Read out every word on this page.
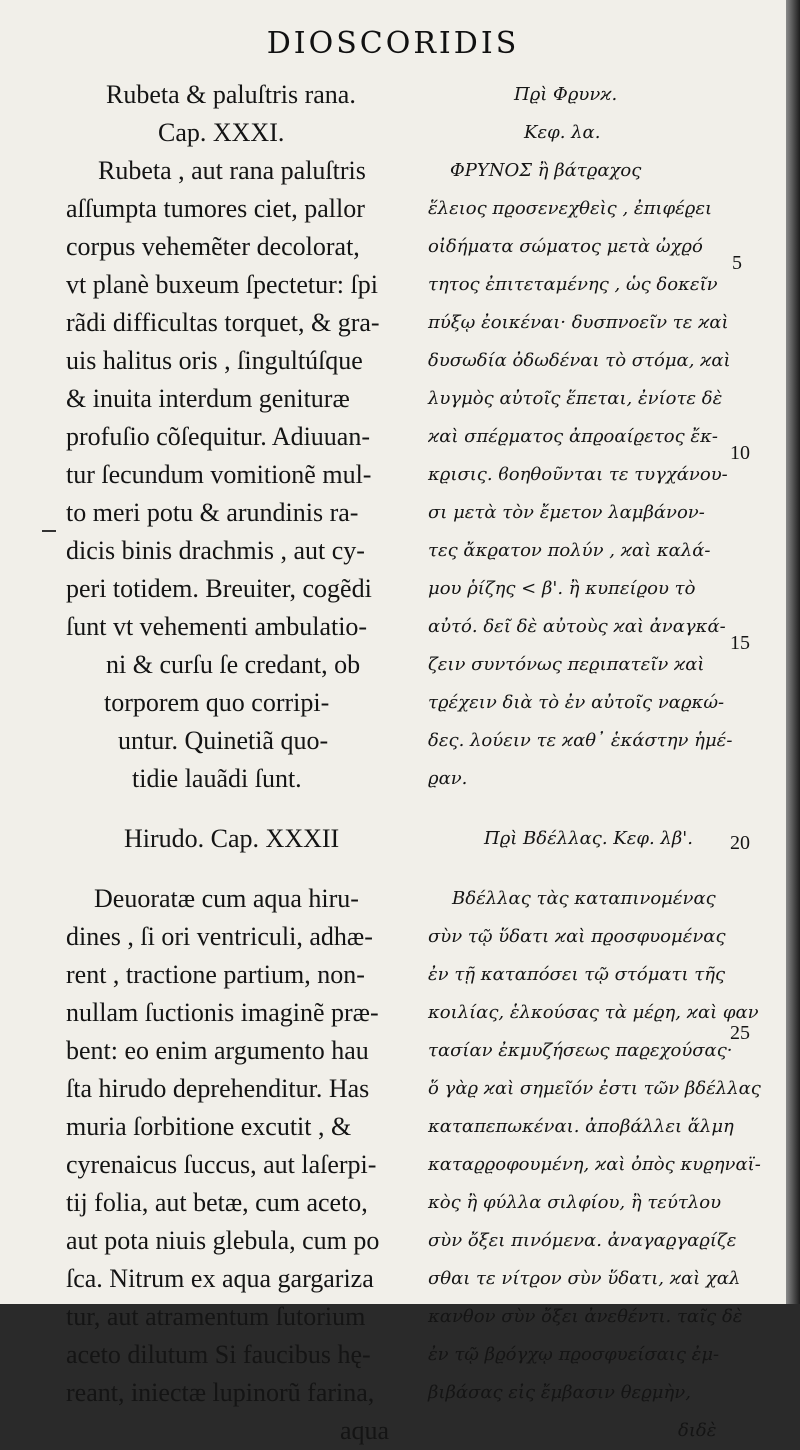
DIOSCORIDIS
Rubeta & paluſtris rana.
Cap. XXXI.
Rubeta , aut rana paluſtris
aſſumpta tumores ciet, pallor
corpus vehemẽter decolorat,
vt planè buxeum ſpectetur: ſpi
rãdi difficultas torquet, & gra-
uis halitus oris , ſingultúſque
& inuita interdum genituræ
profuſio cõſequitur. Adiuuan-
tur ſecundum vomitionẽ mul-
to meri potu & arundinis ra-
dicis binis drachmis , aut cy-
peri totidem. Breuiter, cogẽdi
ſunt vt vehementi ambulatio-
ni & curſu ſe credant, ob
torporem quo corripi-
untur. Quinetiã quo-
tidie lauãdi ſunt.
Hirudo. Cap. XXXII
Deuoratæ cum aqua hiru-
dines , ſi ori ventriculi, adhæ-
rent , tractione partium, non-
nullam ſuctionis imaginẽ præ-
bent: eo enim argumento hau
ſta hirudo deprehenditur. Has
muria ſorbitione excutit , &
cyrenaicus ſuccus, aut laſerpi-
tij folia, aut betæ, cum aceto,
aut pota niuis glebula, cum po
ſca. Nitrum ex aqua gargariza
tur, aut atramentum ſutorium
aceto dilutum Si faucibus hę-
reant, iniectæ lupinorũ farina,
aqua
Πϱὶ Φϱυνϰ.
Κεφ. λα.
ΦΡΥΝΟΣ ἢ βάτϱαχος
ἕλειος πϱοσενεχθεὶς , ἐπιφέϱει
οἰδήματα σώματος μετὰ ὠχϱό
τητος ἐπιτεταμένης , ὡς δοκεῖν
πύξῳ ἐοικέναι· δυσπνοεῖν τε ϰαὶ
δυσωδία ὀδωδέναι τὸ στόμα, ϰαὶ
λυγμὸς αὐτοῖς ἕπεται, ἐνίοτε δὲ
ϰαὶ σπέϱματος ἀπϱοαίϱετος ἔκ-
κϱισις. ϐοηθοῦνται τε τυγχάνου-
σι μετὰ τὸν ἔμετον λαμβάνον-
τες ἄκϱατον πολύν , ϰαὶ καλά-
μου ῥίζης < β'. ἢ κυπείϱου τὸ
αὐτό. δεῖ δὲ αὐτοὺς ϰαὶ ἀναγκά-
ζειν συντόνως πεϱιπατεῖν ϰαὶ
τϱέχειν διὰ τὸ ἐν αὐτοῖς ναϱκώ-
δες. λούειν τε ϰαθ᾽ ἑκάστην ἡμέ-
ϱαν.
Πϱὶ Βδέλλας. Κεφ. λβ'.
Βδέλλας τὰς καταπινομένας
σὺν τῷ ὕδατι ϰαὶ πϱοσφυομένας
ἐν τῇ καταπόσει τῷ στόματι τῆς
κοιλίας, ἑλκούσας τὰ μέϱη, ϰαὶ φαν
τασίαν ἐκμυζήσεως παϱεχούσας·
ὅ γὰϱ ϰαὶ σημεῖόν ἐστι τῶν βδέλλας
καταπεπωκέναι. ἀποβάλλει ἅλμη
καταϱϱοφουμένη, ϰαὶ ὀπὸς κυϱηναϊ-
κὸς ἢ φύλλα σιλφίου, ἢ τεύτλου
σὺν ὄξει πινόμενα. ἀναγαϱγαϱίζε
σθαι τε νίτϱον σὺν ὕδατι, ϰαὶ χαλ
κανθον σὺν ὄξει ἀνεθέντι. ταῖς δὲ
ἐν τῷ βϱόγχῳ πϱοσφυείσαις ἐμ-
βιβάσας εἰς ἔμβασιν θεϱμὴν,
διδὲ
5
10
15
20
25
